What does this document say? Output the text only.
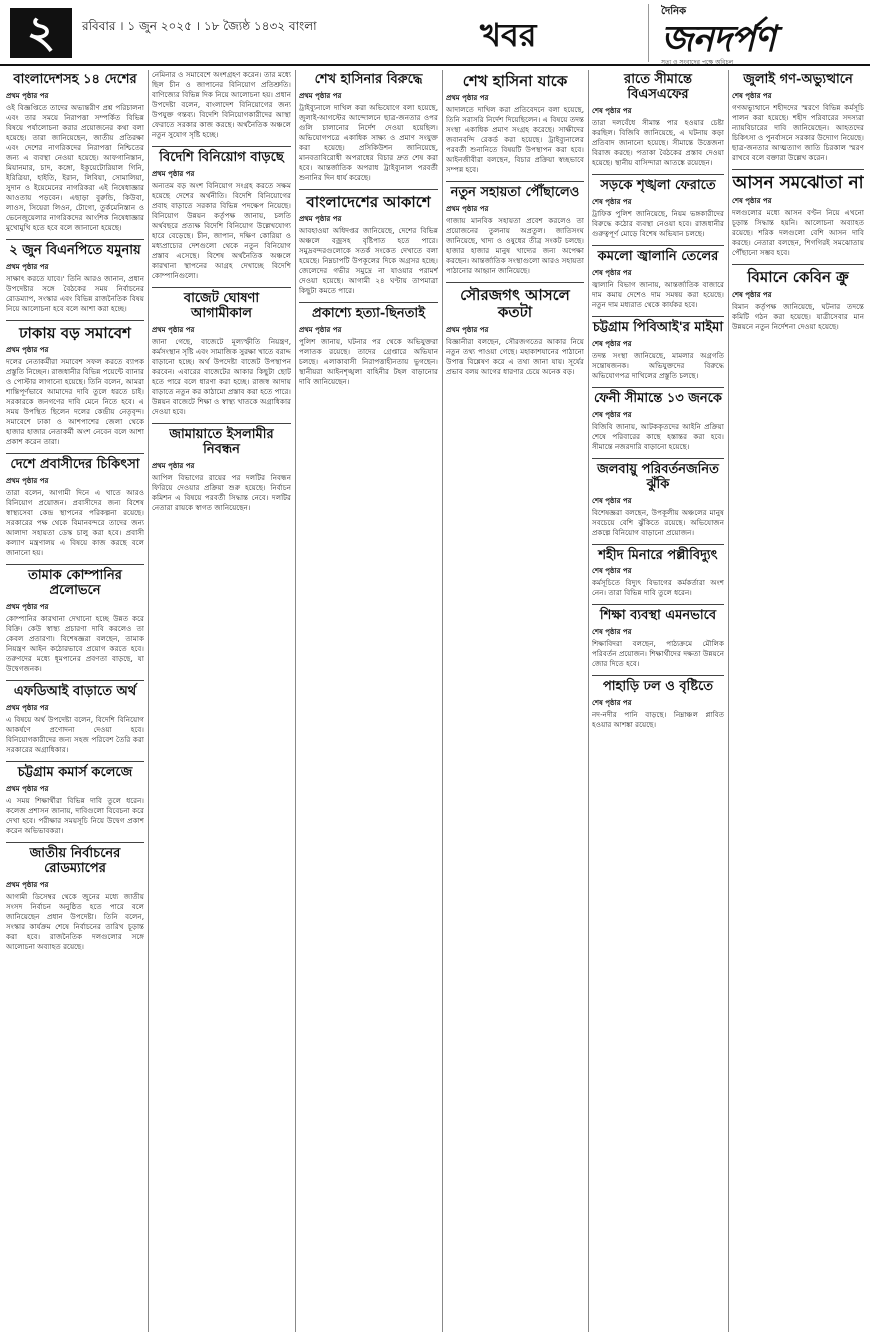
২	রবিবার । ১ জুন ২০২৫ । ১৮ জ্যৈষ্ঠ ১৪৩২ বাংলা	খবর
দৈনিক
জনদর্পণ
সত্য ও সংবাদের পক্ষে অবিচল
বাংলাদেশসহ ১৪ দেশের
প্রথম পৃষ্ঠার পর
ওই বিজ্ঞপ্তিতে তাদের অভ্যন্তরীণ প্রশ্ন পরিচালনা এবং তার সময়ে নিরাপত্তা সম্পর্কিত বিভিন্ন বিষয়ে পর্যালোচনা করার প্রয়োজনের কথা বলা হয়েছে। তারা জানিয়েছেন, জাতীয় প্রতিরক্ষা এবং দেশের নাগরিকদের নিরাপত্তা নিশ্চিতের জন্য এ ব্যবস্থা নেওয়া হয়েছে। আফগানিস্তান, মিয়ানমার, চাদ, কঙ্গো, ইকুয়েটোরিয়াল গিনি, ইরিত্রিয়া, হাইতি, ইরান, লিবিয়া, সোমালিয়া, সুদান ও ইয়েমেনের নাগরিকরা এই নিষেধাজ্ঞার আওতায় পড়বেন। এছাড়া বুরুন্ডি, কিউবা, লাওস, সিয়েরা লিওন, টোগো, তুর্কমেনিস্তান ও ভেনেজুয়েলার নাগরিকদের আংশিক নিষেধাজ্ঞার মুখোমুখি হতে হবে বলে জানানো হয়েছে।
২ জুন বিএনপিতে যমুনায়
প্রথম পৃষ্ঠার পর
সাক্ষাৎ করতে যাবে।' তিনি আরও জানান, প্রধান উপদেষ্টার সঙ্গে বৈঠকের সময় নির্বাচনের রোডম্যাপ, সংস্কার এবং বিভিন্ন রাজনৈতিক বিষয় নিয়ে আলোচনা হবে বলে আশা করা হচ্ছে।
ঢাকায় বড় সমাবেশ
প্রথম পৃষ্ঠার পর
দলের নেতাকর্মীরা সমাবেশ সফল করতে ব্যাপক প্রস্তুতি নিচ্ছেন। রাজধানীর বিভিন্ন পয়েন্টে ব্যানার ও পোস্টার লাগানো হয়েছে। তিনি বলেন, আমরা শান্তিপূর্ণভাবে আমাদের দাবি তুলে ধরতে চাই। সরকারকে জনগণের দাবি মেনে নিতে হবে। এ সময় উপস্থিত ছিলেন দলের কেন্দ্রীয় নেতৃবৃন্দ। সমাবেশে ঢাকা ও আশপাশের জেলা থেকে হাজার হাজার নেতাকর্মী অংশ নেবেন বলে আশা প্রকাশ করেন তারা।
দেশে প্রবাসীদের চিকিৎসা
প্রথম পৃষ্ঠার পর
তারা বলেন, আগামী দিনে এ খাতে আরও বিনিয়োগ প্রয়োজন। প্রবাসীদের জন্য বিশেষ স্বাস্থ্যসেবা কেন্দ্র স্থাপনের পরিকল্পনা রয়েছে। সরকারের পক্ষ থেকে বিমানবন্দরে তাদের জন্য আলাদা সহায়তা ডেস্ক চালু করা হবে। প্রবাসী কল্যাণ মন্ত্রণালয় এ বিষয়ে কাজ করছে বলে জানানো হয়।
তামাক কোম্পানির প্রলোভনে
প্রথম পৃষ্ঠার পর
কোম্পানির কারখানা দেখানো হচ্ছে উন্নত করে বিক্রি। কেউ স্বাস্থ্য প্রচারণা দাবি করলেও তা কেবল প্রতারণা। বিশেষজ্ঞরা বলছেন, তামাক নিয়ন্ত্রণ আইন কঠোরভাবে প্রয়োগ করতে হবে। তরুণদের মধ্যে ধূমপানের প্রবণতা বাড়ছে, যা উদ্বেগজনক।
এফডিআই বাড়াতে অর্থ
প্রথম পৃষ্ঠার পর
এ বিষয়ে অর্থ উপদেষ্টা বলেন, বিদেশি বিনিয়োগ আকর্ষণে প্রণোদনা দেওয়া হবে। বিনিয়োগকারীদের জন্য সহজ পরিবেশ তৈরি করা সরকারের অগ্রাধিকার।
চট্টগ্রাম কমার্স কলেজে
প্রথম পৃষ্ঠার পর
এ সময় শিক্ষার্থীরা বিভিন্ন দাবি তুলে ধরেন। কলেজ প্রশাসন জানায়, দাবিগুলো বিবেচনা করে দেখা হবে। পরীক্ষার সময়সূচি নিয়ে উদ্বেগ প্রকাশ করেন অভিভাবকরা।
জাতীয় নির্বাচনের রোডম্যাপের
প্রথম পৃষ্ঠার পর
আগামী ডিসেম্বর থেকে জুনের মধ্যে জাতীয় সংসদ নির্বাচন অনুষ্ঠিত হতে পারে বলে জানিয়েছেন প্রধান উপদেষ্টা। তিনি বলেন, সংস্কার কার্যক্রম শেষে নির্বাচনের তারিখ চূড়ান্ত করা হবে। রাজনৈতিক দলগুলোর সঙ্গে আলোচনা অব্যাহত রয়েছে।
নেমিনার ও সমাবেশে অংশগ্রহণ করেন। তার মধ্যে ছিল চীন ও জাপানের বিনিয়োগ প্রতিশ্রুতি। বাণিজ্যের বিভিন্ন দিক নিয়ে আলোচনা হয়। প্রধান উপদেষ্টা বলেন, বাংলাদেশ বিনিয়োগের জন্য উপযুক্ত গন্তব্য। বিদেশি বিনিয়োগকারীদের আস্থা ফেরাতে সরকার কাজ করছে। অর্থনৈতিক অঞ্চলে নতুন সুযোগ সৃষ্টি হচ্ছে।
বিদেশি বিনিয়োগ বাড়ছে
প্রথম পৃষ্ঠার পর
অন্যতম বড় অংশ বিনিয়োগ সংগ্রহ করতে সক্ষম হয়েছে দেশের অর্থনীতি। বিদেশি বিনিয়োগের প্রবাহ বাড়াতে সরকার বিভিন্ন পদক্ষেপ নিয়েছে। বিনিয়োগ উন্নয়ন কর্তৃপক্ষ জানায়, চলতি অর্থবছরে প্রত্যক্ষ বিদেশি বিনিয়োগ উল্লেখযোগ্য হারে বেড়েছে। চীন, জাপান, দক্ষিণ কোরিয়া ও মধ্যপ্রাচ্যের দেশগুলো থেকে নতুন বিনিয়োগ প্রস্তাব এসেছে। বিশেষ অর্থনৈতিক অঞ্চলে কারখানা স্থাপনের আগ্রহ দেখাচ্ছে বিদেশি কোম্পানিগুলো।
বাজেট ঘোষণা আগামীকাল
প্রথম পৃষ্ঠার পর
জানা গেছে, বাজেটে মূল্যস্ফীতি নিয়ন্ত্রণ, কর্মসংস্থান সৃষ্টি এবং সামাজিক সুরক্ষা খাতে বরাদ্দ বাড়ানো হচ্ছে। অর্থ উপদেষ্টা বাজেট উপস্থাপন করবেন। এবারের বাজেটের আকার কিছুটা ছোট হতে পারে বলে ধারণা করা হচ্ছে। রাজস্ব আদায় বাড়াতে নতুন কর কাঠামো প্রস্তাব করা হতে পারে। উন্নয়ন বাজেটে শিক্ষা ও স্বাস্থ্য খাতকে অগ্রাধিকার দেওয়া হবে।
জামায়াতে ইসলামীর নিবন্ধন
প্রথম পৃষ্ঠার পর
আপিল বিভাগের রায়ের পর দলটির নিবন্ধন ফিরিয়ে দেওয়ার প্রক্রিয়া শুরু হয়েছে। নির্বাচন কমিশন এ বিষয়ে পরবর্তী সিদ্ধান্ত নেবে। দলটির নেতারা রায়কে স্বাগত জানিয়েছেন।
শেখ হাসিনার বিরুদ্ধে
প্রথম পৃষ্ঠার পর
ট্রাইব্যুনালে দাখিল করা অভিযোগে বলা হয়েছে, জুলাই-আগস্টের আন্দোলনে ছাত্র-জনতার ওপর গুলি চালানোর নির্দেশ দেওয়া হয়েছিল। অভিযোগপত্রে একাধিক সাক্ষ্য ও প্রমাণ সংযুক্ত করা হয়েছে। প্রসিকিউশন জানিয়েছে, মানবতাবিরোধী অপরাধের বিচার দ্রুত শেষ করা হবে। আন্তর্জাতিক অপরাধ ট্রাইব্যুনাল পরবর্তী শুনানির দিন ধার্য করেছে।
বাংলাদেশের আকাশে
প্রথম পৃষ্ঠার পর
আবহাওয়া অধিদপ্তর জানিয়েছে, দেশের বিভিন্ন অঞ্চলে বজ্রসহ বৃষ্টিপাত হতে পারে। সমুদ্রবন্দরগুলোকে সতর্ক সংকেত দেখাতে বলা হয়েছে। নিম্নচাপটি উপকূলের দিকে অগ্রসর হচ্ছে। জেলেদের গভীর সমুদ্রে না যাওয়ার পরামর্শ দেওয়া হয়েছে। আগামী ২৪ ঘণ্টায় তাপমাত্রা কিছুটা কমতে পারে।
প্রকাশ্যে হত্যা-ছিনতাই
প্রথম পৃষ্ঠার পর
পুলিশ জানায়, ঘটনার পর থেকে অভিযুক্তরা পলাতক রয়েছে। তাদের গ্রেপ্তারে অভিযান চলছে। এলাকাবাসী নিরাপত্তাহীনতায় ভুগছেন। স্থানীয়রা আইনশৃঙ্খলা বাহিনীর টহল বাড়ানোর দাবি জানিয়েছেন।
শেখ হাসিনা যাকে
প্রথম পৃষ্ঠার পর
আদালতে দাখিল করা প্রতিবেদনে বলা হয়েছে, তিনি সরাসরি নির্দেশ দিয়েছিলেন। এ বিষয়ে তদন্ত সংস্থা একাধিক প্রমাণ সংগ্রহ করেছে। সাক্ষীদের জবানবন্দি রেকর্ড করা হয়েছে। ট্রাইব্যুনালের পরবর্তী শুনানিতে বিষয়টি উপস্থাপন করা হবে। আইনজীবীরা বলছেন, বিচার প্রক্রিয়া স্বচ্ছভাবে সম্পন্ন হবে।
নতুন সহায়তা পৌঁছালেও
প্রথম পৃষ্ঠার পর
গাজায় মানবিক সহায়তা প্রবেশ করলেও তা প্রয়োজনের তুলনায় অপ্রতুল। জাতিসংঘ জানিয়েছে, খাদ্য ও ওষুধের তীব্র সংকট চলছে। হাজার হাজার মানুষ খাদ্যের জন্য অপেক্ষা করছেন। আন্তর্জাতিক সংস্থাগুলো আরও সহায়তা পাঠানোর আহ্বান জানিয়েছে।
সৌরজগৎ আসলে কতটা
প্রথম পৃষ্ঠার পর
বিজ্ঞানীরা বলছেন, সৌরজগতের আকার নিয়ে নতুন তথ্য পাওয়া গেছে। মহাকাশযানের পাঠানো উপাত্ত বিশ্লেষণ করে এ তথ্য জানা যায়। সূর্যের প্রভাব বলয় আগের ধারণার চেয়ে অনেক বড়।
রাতে সীমান্তে বিএসএফের
শেষ পৃষ্ঠার পর
তারা দলবেঁধে সীমান্ত পার হওয়ার চেষ্টা করছিল। বিজিবি জানিয়েছে, এ ঘটনায় কড়া প্রতিবাদ জানানো হয়েছে। সীমান্তে উত্তেজনা বিরাজ করছে। পতাকা বৈঠকের প্রস্তাব দেওয়া হয়েছে। স্থানীয় বাসিন্দারা আতঙ্কে রয়েছেন।
সড়কে শৃঙ্খলা ফেরাতে
শেষ পৃষ্ঠার পর
ট্রাফিক পুলিশ জানিয়েছে, নিয়ম ভঙ্গকারীদের বিরুদ্ধে কঠোর ব্যবস্থা নেওয়া হবে। রাজধানীর গুরুত্বপূর্ণ মোড়ে বিশেষ অভিযান চলছে।
কমলো জ্বালানি তেলের
শেষ পৃষ্ঠার পর
জ্বালানি বিভাগ জানায়, আন্তর্জাতিক বাজারে দাম কমায় দেশেও দাম সমন্বয় করা হয়েছে। নতুন দাম মধ্যরাত থেকে কার্যকর হবে।
চট্টগ্রাম পিবিআই'র মাইমা
শেষ পৃষ্ঠার পর
তদন্ত সংস্থা জানিয়েছে, মামলার অগ্রগতি সন্তোষজনক। অভিযুক্তদের বিরুদ্ধে অভিযোগপত্র দাখিলের প্রস্তুতি চলছে।
ফেনী সীমান্তে ১৩ জনকে
শেষ পৃষ্ঠার পর
বিজিবি জানায়, আটককৃতদের আইনি প্রক্রিয়া শেষে পরিবারের কাছে হস্তান্তর করা হবে। সীমান্তে নজরদারি বাড়ানো হয়েছে।
জলবায়ু পরিবর্তনজনিত ঝুঁকি
শেষ পৃষ্ঠার পর
বিশেষজ্ঞরা বলছেন, উপকূলীয় অঞ্চলের মানুষ সবচেয়ে বেশি ঝুঁকিতে রয়েছে। অভিযোজন প্রকল্পে বিনিয়োগ বাড়ানো প্রয়োজন।
শহীদ মিনারে পল্লীবিদ্যুৎ
শেষ পৃষ্ঠার পর
কর্মসূচিতে বিদ্যুৎ বিভাগের কর্মকর্তারা অংশ নেন। তারা বিভিন্ন দাবি তুলে ধরেন।
শিক্ষা ব্যবস্থা এমনভাবে
শেষ পৃষ্ঠার পর
শিক্ষাবিদরা বলছেন, পাঠ্যক্রমে মৌলিক পরিবর্তন প্রয়োজন। শিক্ষার্থীদের দক্ষতা উন্নয়নে জোর দিতে হবে।
পাহাড়ি ঢল ও বৃষ্টিতে
শেষ পৃষ্ঠার পর
নদ-নদীর পানি বাড়ছে। নিম্নাঞ্চল প্লাবিত হওয়ার আশঙ্কা রয়েছে।
জুলাই গণ-অভ্যুত্থানে
শেষ পৃষ্ঠার পর
গণঅভ্যুত্থানে শহীদদের স্মরণে বিভিন্ন কর্মসূচি পালন করা হয়েছে। শহীদ পরিবারের সদস্যরা ন্যায়বিচারের দাবি জানিয়েছেন। আহতদের চিকিৎসা ও পুনর্বাসনে সরকার উদ্যোগ নিয়েছে। ছাত্র-জনতার আত্মত্যাগ জাতি চিরকাল স্মরণ রাখবে বলে বক্তারা উল্লেখ করেন।
আসন সমঝোতা না
শেষ পৃষ্ঠার পর
দলগুলোর মধ্যে আসন বণ্টন নিয়ে এখনো চূড়ান্ত সিদ্ধান্ত হয়নি। আলোচনা অব্যাহত রয়েছে। শরিক দলগুলো বেশি আসন দাবি করছে। নেতারা বলছেন, শিগগিরই সমঝোতায় পৌঁছানো সম্ভব হবে।
বিমানে কেবিন ক্রু
শেষ পৃষ্ঠার পর
বিমান কর্তৃপক্ষ জানিয়েছে, ঘটনার তদন্তে কমিটি গঠন করা হয়েছে। যাত্রীসেবার মান উন্নয়নে নতুন নির্দেশনা দেওয়া হয়েছে।
